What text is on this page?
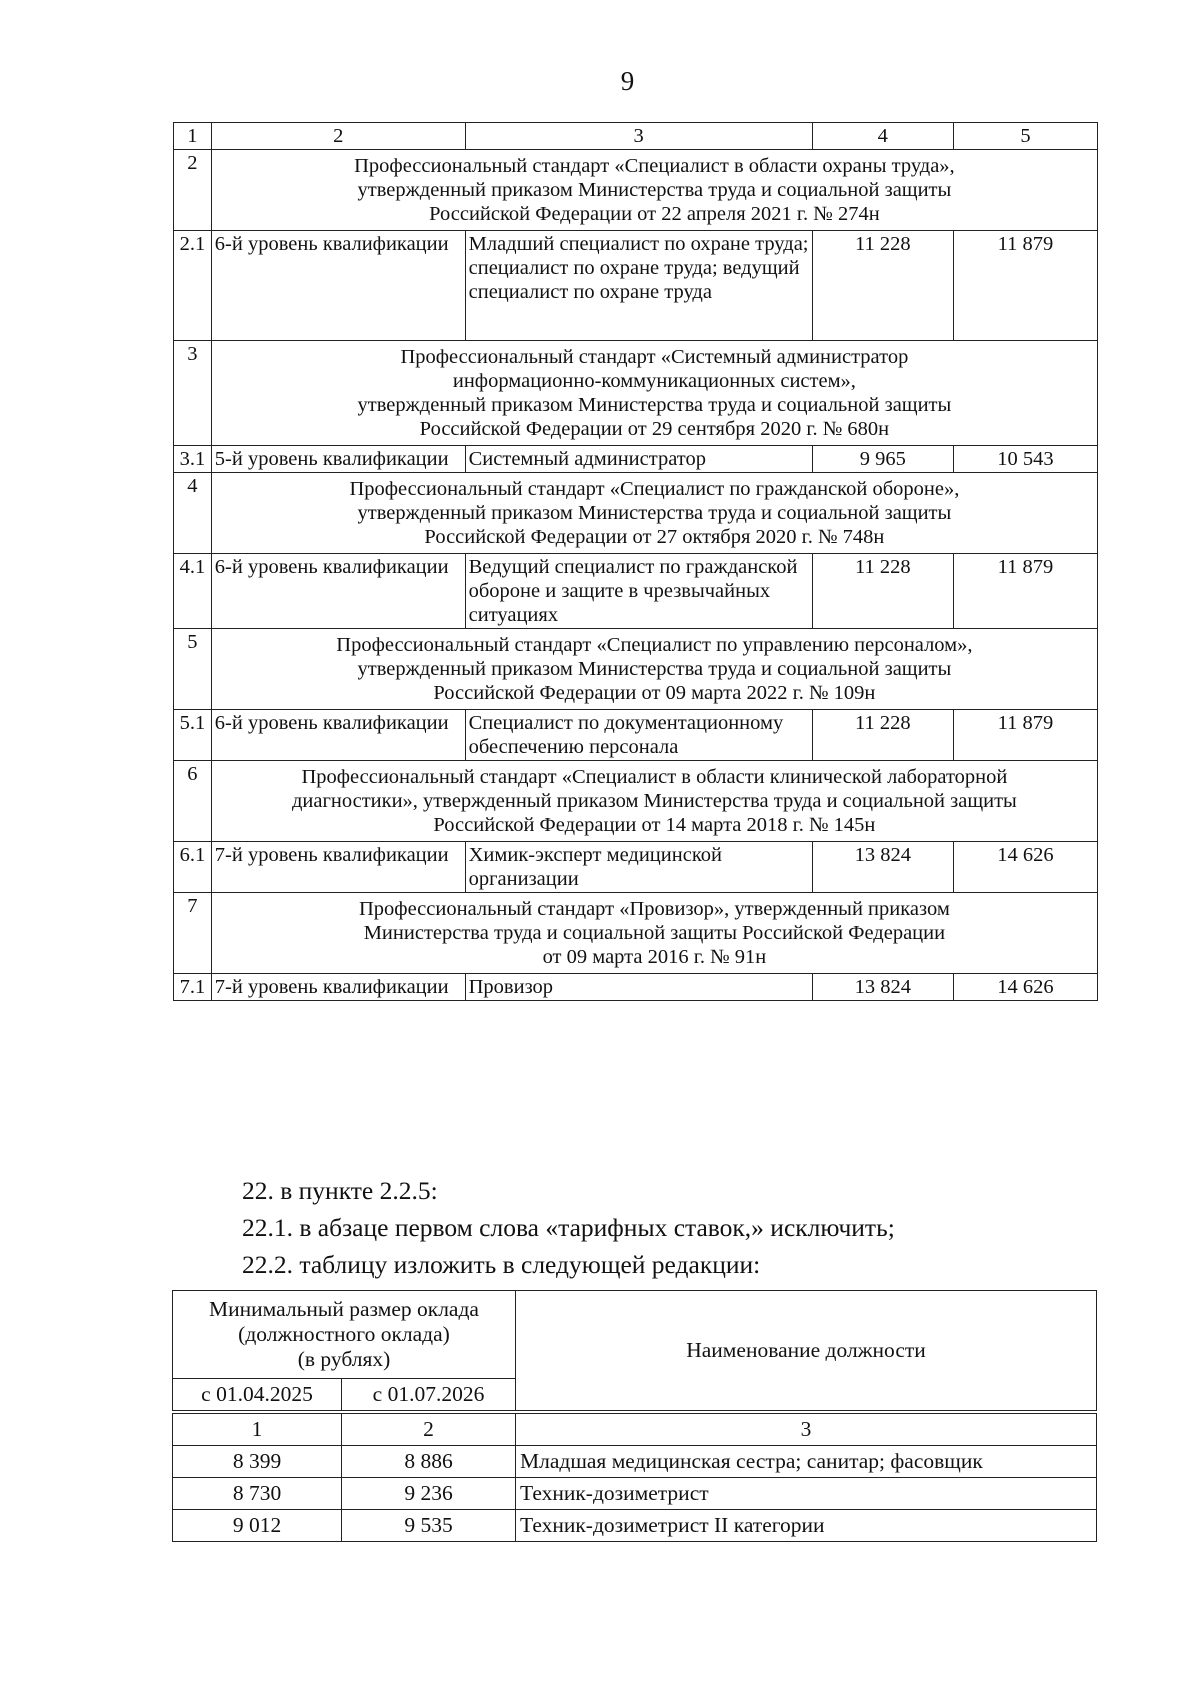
9
1	2	3	4	5
2	Профессиональный стандарт «Специалист в области охраны труда»,
утвержденный приказом Министерства труда и социальной защиты
Российской Федерации от 22 апреля 2021 г. № 274н			

2.1	6-й уровень квалификации	Младший специалист по охране труда; специалист по охране труда; ведущий специалист по охране труда	11 228	11 879
3	Профессиональный стандарт «Системный администратор
информационно-коммуникационных систем»,
утвержденный приказом Министерства труда и социальной защиты
Российской Федерации от 29 сентября 2020 г. № 680н			

3.1	5-й уровень квалификации	Системный администратор	9 965	10 543
4	Профессиональный стандарт «Специалист по гражданской обороне»,
утвержденный приказом Министерства труда и социальной защиты
Российской Федерации от 27 октября 2020 г. № 748н			

4.1	6-й уровень квалификации	Ведущий специалист по гражданской обороне и защите в чрезвычайных ситуациях	11 228	11 879
5	Профессиональный стандарт «Специалист по управлению персоналом»,
утвержденный приказом Министерства труда и социальной защиты
Российской Федерации от 09 марта 2022 г. № 109н			

5.1	6-й уровень квалификации	Специалист по документационному обеспечению персонала	11 228	11 879
6	Профессиональный стандарт «Специалист в области клинической лабораторной
диагностики», утвержденный приказом Министерства труда и социальной защиты
Российской Федерации от 14 марта 2018 г. № 145н			

6.1	7-й уровень квалификации	Химик-эксперт медицинской организации	13 824	14 626
7	Профессиональный стандарт «Провизор», утвержденный приказом
Министерства труда и социальной защиты Российской Федерации
от 09 марта 2016 г. № 91н			

7.1	7-й уровень квалификации	Провизор	13 824	14 626
22. в пункте 2.2.5:
22.1. в абзаце первом слова «тарифных ставок,» исключить;
22.2. таблицу изложить в следующей редакции:
Минимальный размер оклада
(должностного оклада)
(в рублях)		Наименование должности
с 01.04.2025	с 01.07.2026	

1	2	3
8 399	8 886	Младшая медицинская сестра; санитар; фасовщик
8 730	9 236	Техник-дозиметрист
9 012	9 535	Техник-дозиметрист II категории
